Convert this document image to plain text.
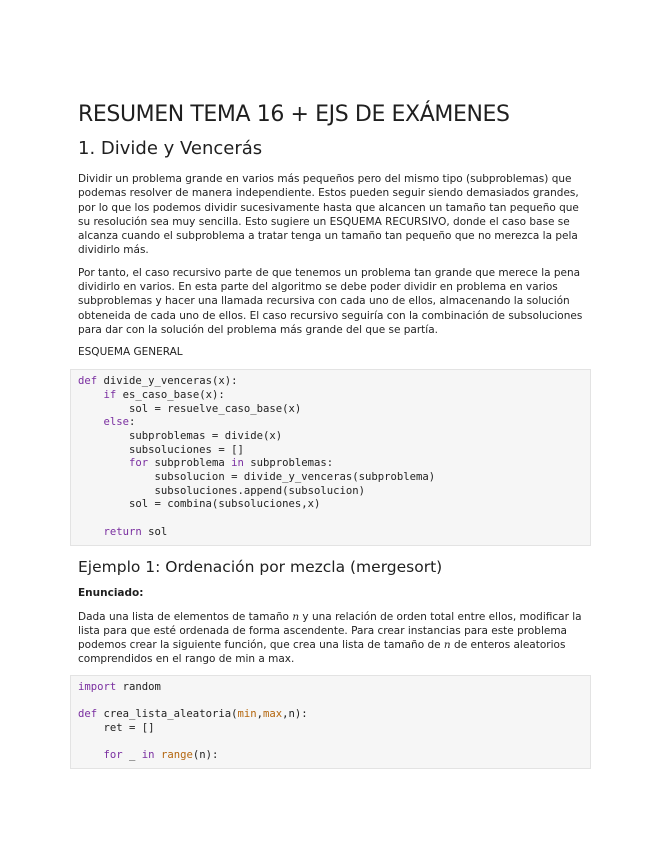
RESUMEN TEMA 16 + EJS DE EXÁMENES
1. Divide y Vencerás

Dividir un problema grande en varios más pequeños pero del mismo tipo (subproblemas) que podemas resolver de manera independiente. Estos pueden seguir siendo demasiados grandes, por lo que los podemos dividir sucesivamente hasta que alcancen un tamaño tan pequeño que su resolución sea muy sencilla. Esto sugiere un ESQUEMA RECURSIVO, donde el caso base se alcanza cuando el subproblema a tratar tenga un tamaño tan pequeño que no merezca la pela dividirlo más.

Por tanto, el caso recursivo parte de que tenemos un problema tan grande que merece la pena dividirlo en varios. En esta parte del algoritmo se debe poder dividir en problema en varios subproblemas y hacer una llamada recursiva con cada uno de ellos, almacenando la solución obteneida de cada uno de ellos. El caso recursivo seguiría con la combinación de subsoluciones para dar con la solución del problema más grande del que se partía.

ESQUEMA GENERAL
def divide_y_venceras(x):
if es_caso_base(x):
sol = resuelve_caso_base(x)
else:
subproblemas = divide(x)
subsoluciones = []
for subproblema in subproblemas:
subsolucion = divide_y_venceras(subproblema)
subsoluciones.append(subsolucion)
sol = combina(subsoluciones,x)
return sol
Ejemplo 1: Ordenación por mezcla (mergesort)
Enunciado:

Dada una lista de elementos de tamaño n y una relación de orden total entre ellos, modificar la lista para que esté ordenada de forma ascendente. Para crear instancias para este problema podemos crear la siguiente función, que crea una lista de tamaño de n de enteros aleatorios comprendidos en el rango de min a max.

import random
def crea_lista_aleatoria(min,max,n):
ret = []
for _ in range(n):
